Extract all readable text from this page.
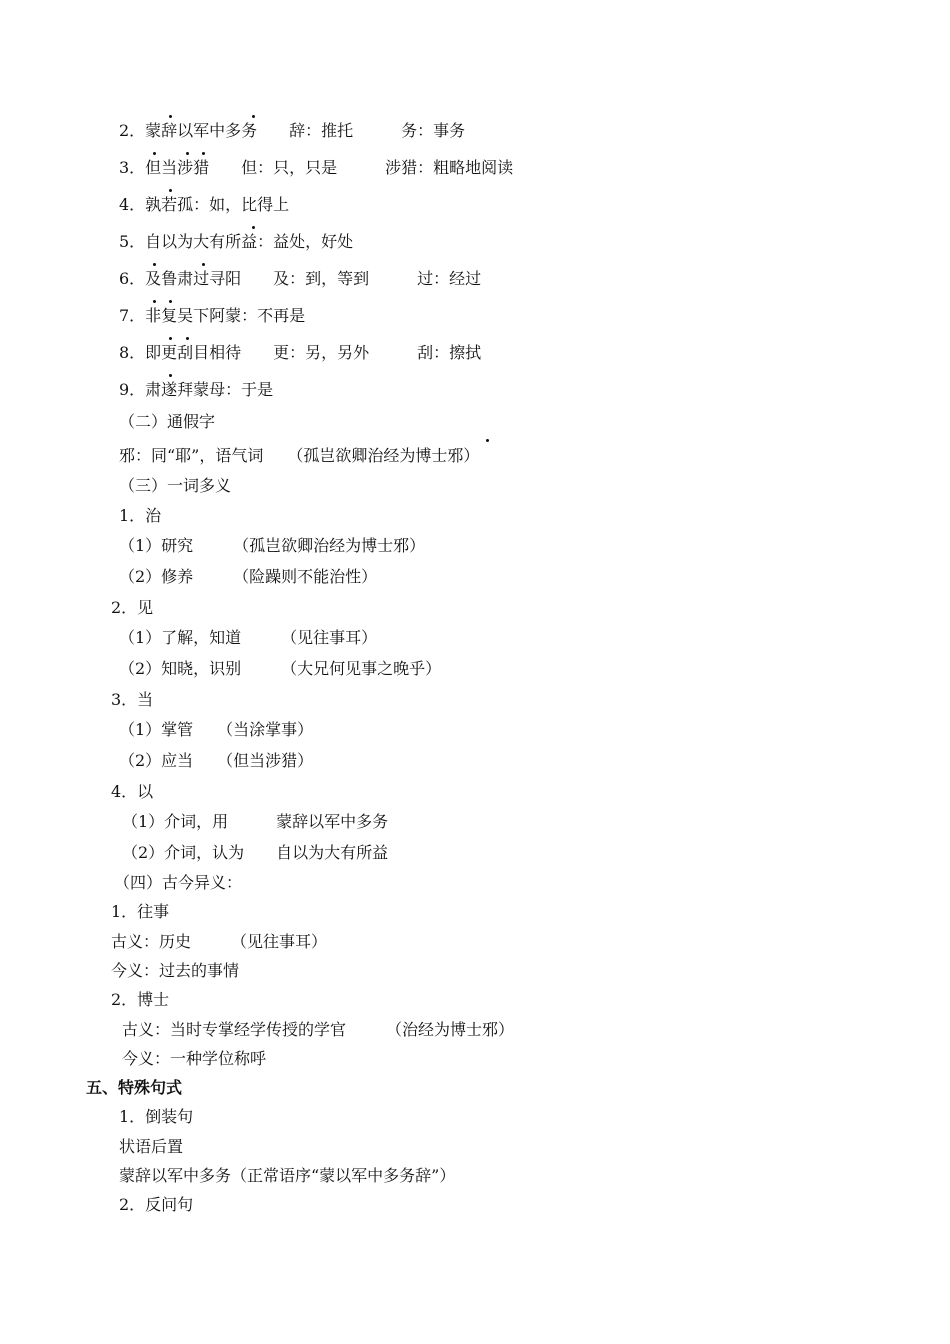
2．蒙辞以军中多务　　辞：推托　　　务：事务
3．但当涉猎　　但：只，只是　　　涉猎：粗略地阅读
4．孰若孤：如，比得上
5．自以为大有所益：益处，好处
6．及鲁肃过寻阳　　及：到，等到　　　过：经过
7．非复吴下阿蒙：不再是
8．即更刮目相待　　更：另，另外　　　刮：擦拭
9．肃遂拜蒙母：于是
（二）通假字
邪：同“耶”，语气词　　（孤岂欲卿治经为博士邪）
（三）一词多义
1．治
（1）研究　　　（孤岂欲卿治经为博士邪）
（2）修养　　　（险躁则不能治性）
2．见
（1）了解，知道　　　（见往事耳）
（2）知晓，识别　　　（大兄何见事之晚乎）
3．当
（1）掌管　　（当涂掌事）
（2）应当　　（但当涉猎）
4．以
（1）介词，用　　　蒙辞以军中多务
（2）介词，认为　　自以为大有所益
（四）古今异义：
1．往事
古义：历史　　　（见往事耳）
今义：过去的事情
2．博士
古义：当时专掌经学传授的学官　　　（治经为博士邪）
今义：一种学位称呼
五、特殊句式
1．倒装句
状语后置
蒙辞以军中多务（正常语序“蒙以军中多务辞”）
2．反问句
